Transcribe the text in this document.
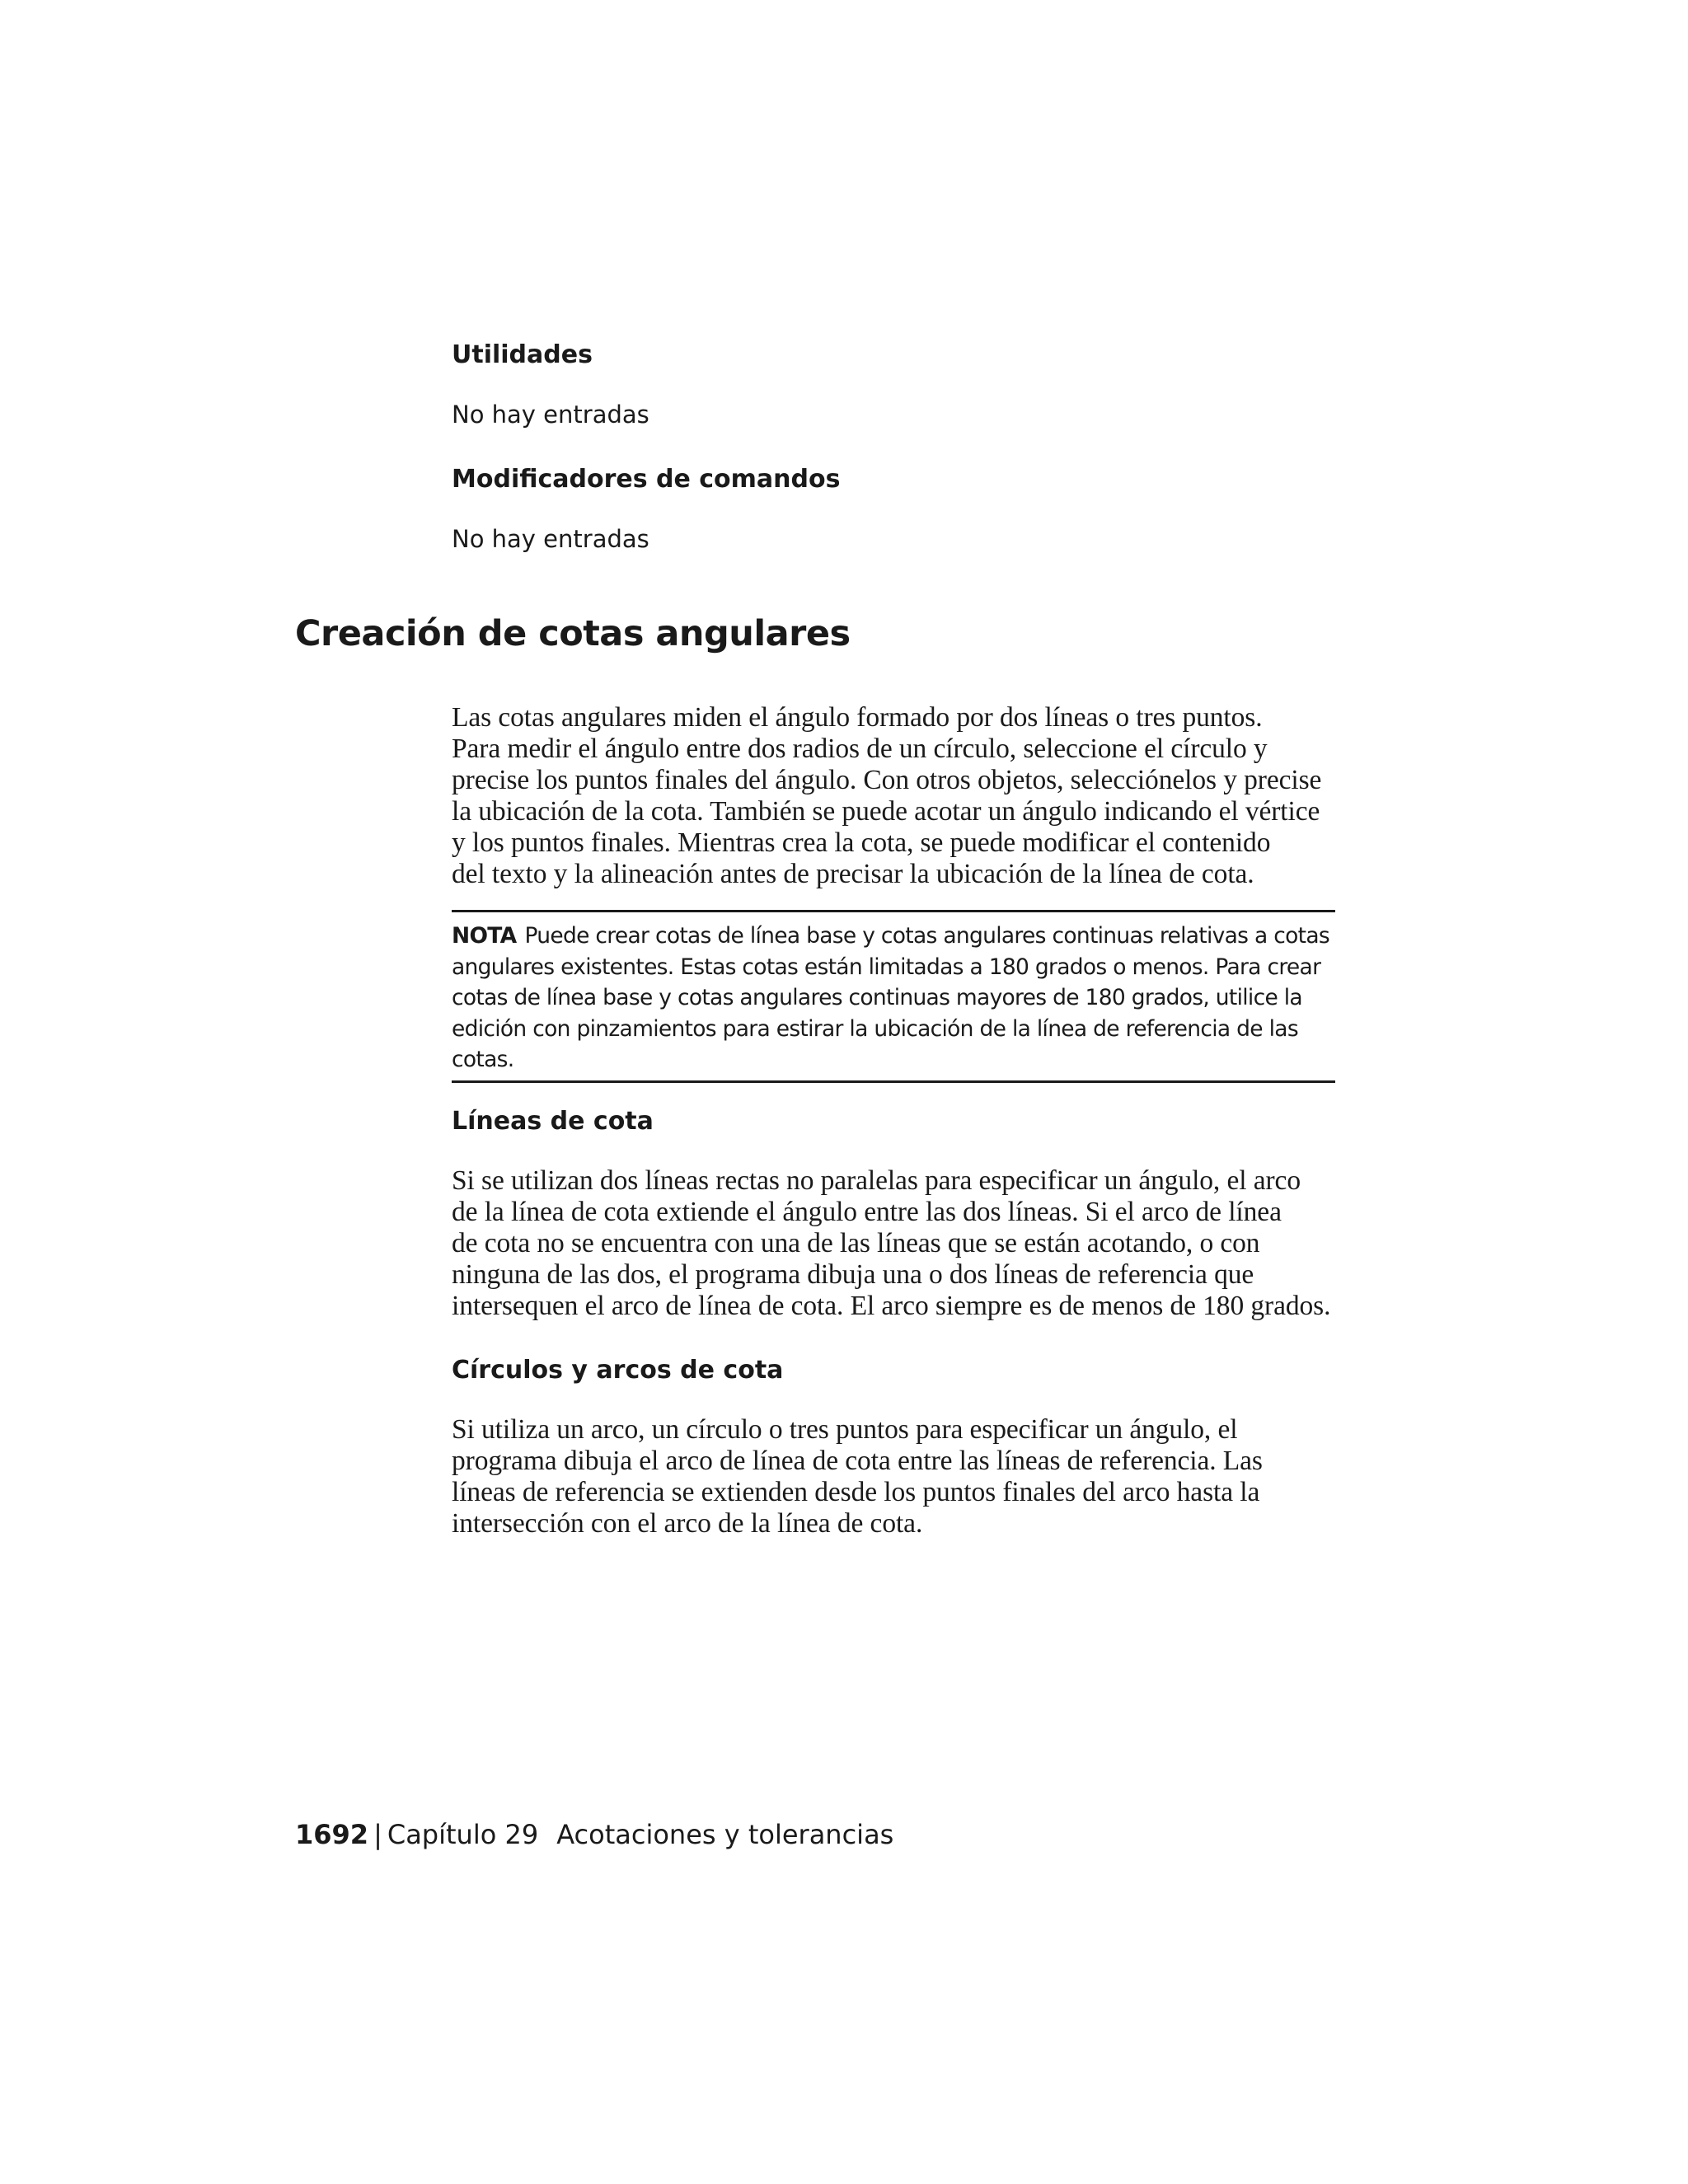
Utilidades

No hay entradas

Modificadores de comandos

No hay entradas

Creación de cotas angulares

Las cotas angulares miden el ángulo formado por dos líneas o tres puntos.

Para medir el ángulo entre dos radios de un círculo, seleccione el círculo y

precise los puntos finales del ángulo. Con otros objetos, selecciónelos y precise

la ubicación de la cota. También se puede acotar un ángulo indicando el vértice

y los puntos finales. Mientras crea la cota, se puede modificar el contenido

del texto y la alineación antes de precisar la ubicación de la línea de cota.

NOTA Puede crear cotas de línea base y cotas angulares continuas relativas a cotas

angulares existentes. Estas cotas están limitadas a 180 grados o menos. Para crear

cotas de línea base y cotas angulares continuas mayores de 180 grados, utilice la

edición con pinzamientos para estirar la ubicación de la línea de referencia de las

cotas.

Líneas de cota

Si se utilizan dos líneas rectas no paralelas para especificar un ángulo, el arco

de la línea de cota extiende el ángulo entre las dos líneas. Si el arco de línea

de cota no se encuentra con una de las líneas que se están acotando, o con

ninguna de las dos, el programa dibuja una o dos líneas de referencia que

intersequen el arco de línea de cota. El arco siempre es de menos de 180 grados.

Círculos y arcos de cota

Si utiliza un arco, un círculo o tres puntos para especificar un ángulo, el

programa dibuja el arco de línea de cota entre las líneas de referencia. Las

líneas de referencia se extienden desde los puntos finales del arco hasta la

intersección con el arco de la línea de cota.

1692 | Capítulo 29 Acotaciones y tolerancias
